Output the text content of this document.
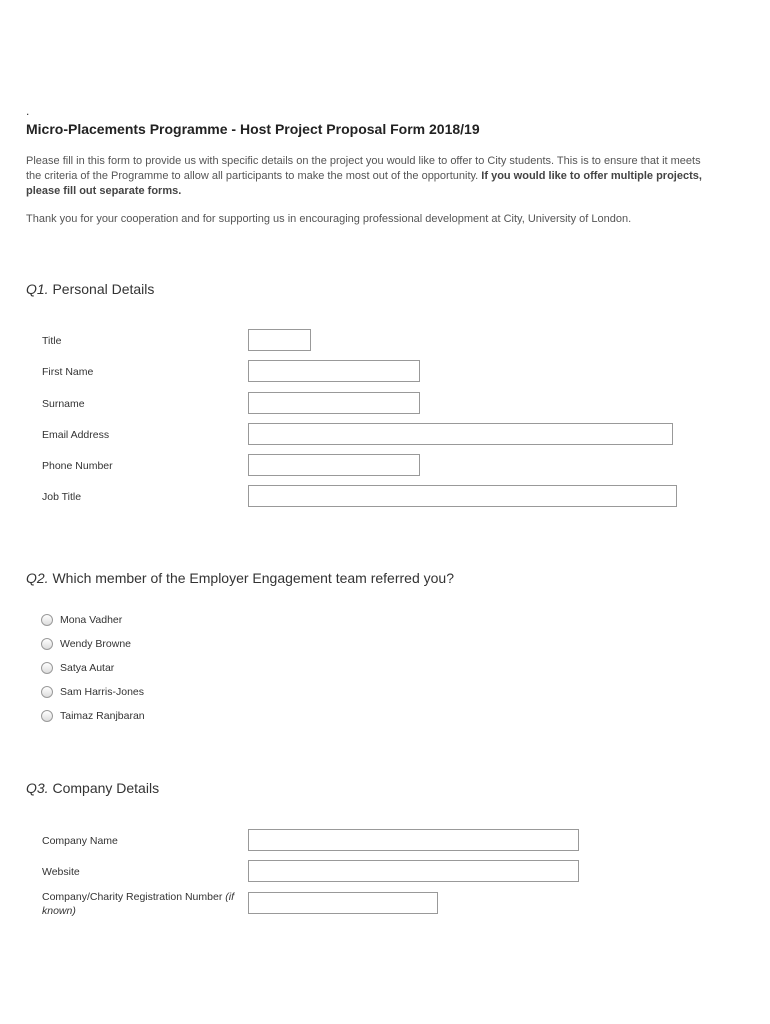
.
Micro-Placements Programme - Host Project Proposal Form 2018/19
Please fill in this form to provide us with specific details on the project you would like to offer to City students. This is to ensure that it meets the criteria of the Programme to allow all participants to make the most out of the opportunity. If you would like to offer multiple projects, please fill out separate forms.
Thank you for your cooperation and for supporting us in encouraging professional development at City, University of London.
Q1. Personal Details
Title
First Name
Surname
Email Address
Phone Number
Job Title
Q2. Which member of the Employer Engagement team referred you?
Mona Vadher
Wendy Browne
Satya Autar
Sam Harris-Jones
Taimaz Ranjbaran
Q3. Company Details
Company Name
Website
Company/Charity Registration Number (if known)
